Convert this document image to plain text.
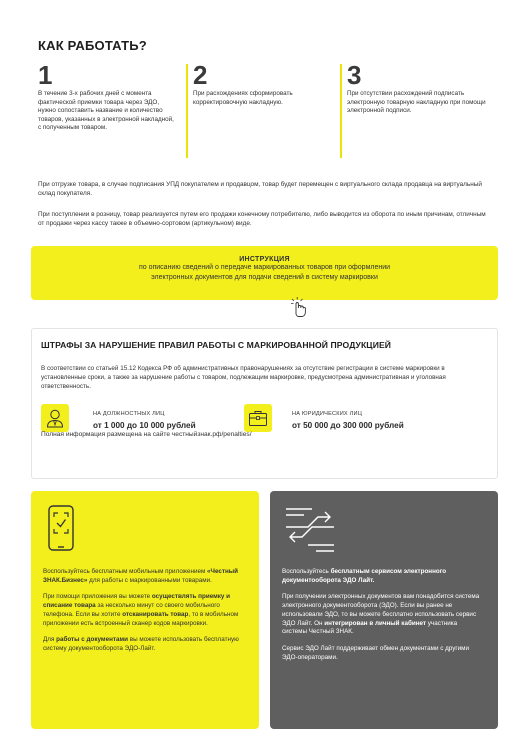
КАК РАБОТАТЬ?
1
В течение 3-х рабочих дней с момента фактической приемки товара через ЭДО, нужно сопоставить название и количество товаров, указанных в электронной накладной, с полученным товаром.
2
При расхождениях сформировать корректировочную накладную.
3
При отсутствии расхождений подписать электронную товарную накладную при помощи электронной подписи.
При отгрузке товара, в случае подписания УПД покупателем и продавцом, товар будет перемещен с виртуального склада продавца на виртуальный склад покупателя.
При поступлении в розницу, товар реализуется путем его продажи конечному потребителю, либо выводится из оборота по иным причинам, отличным от продажи через кассу также в объемно-сортовом (артикульном) виде.
ИНСТРУКЦИЯ
по описанию сведений о передаче маркированных товаров при оформлении
электронных документов для подачи сведений в систему маркировки
ШТРАФЫ ЗА НАРУШЕНИЕ ПРАВИЛ РАБОТЫ С МАРКИРОВАННОЙ ПРОДУКЦИЕЙ
В соответствии со статьей 15.12 Кодекса РФ об административных правонарушениях за отсутствие регистрации в системе маркировки в установленные сроки, а также за нарушение работы с товаром, подлежащим маркировке, предусмотрена административная и уголовная ответственность.
НА ДОЛЖНОСТНЫХ ЛИЦ
от 1 000 до 10 000 рублей
НА ЮРИДИЧЕСКИХ ЛИЦ
от 50 000 до 300 000 рублей
Полная информация размещена на сайте честныйзнак.рф/penalties/
Воспользуйтесь бесплатным мобильным приложением «Честный ЗНАК.Бизнес» для работы с маркированными товарами.
При помощи приложения вы можете осуществлять приемку и списание товара за несколько минут со своего мобильного телефона. Если вы хотите отсканировать товар, то в мобильном приложении есть встроенный сканер кодов маркировки.
Для работы с документами вы можете использовать бесплатную систему документооборота ЭДО-Лайт.
Воспользуйтесь бесплатным сервисом электронного документооборота ЭДО Лайт.
При получении электронных документов вам понадобится система электронного документооборота (ЭДО). Если вы ранее не использовали ЭДО, то вы можете бесплатно использовать сервис ЭДО Лайт. Он интегрирован в личный кабинет участника системы Честный ЗНАК.
Сервис ЭДО Лайт поддерживает обмен документами с другими ЭДО-операторами.
